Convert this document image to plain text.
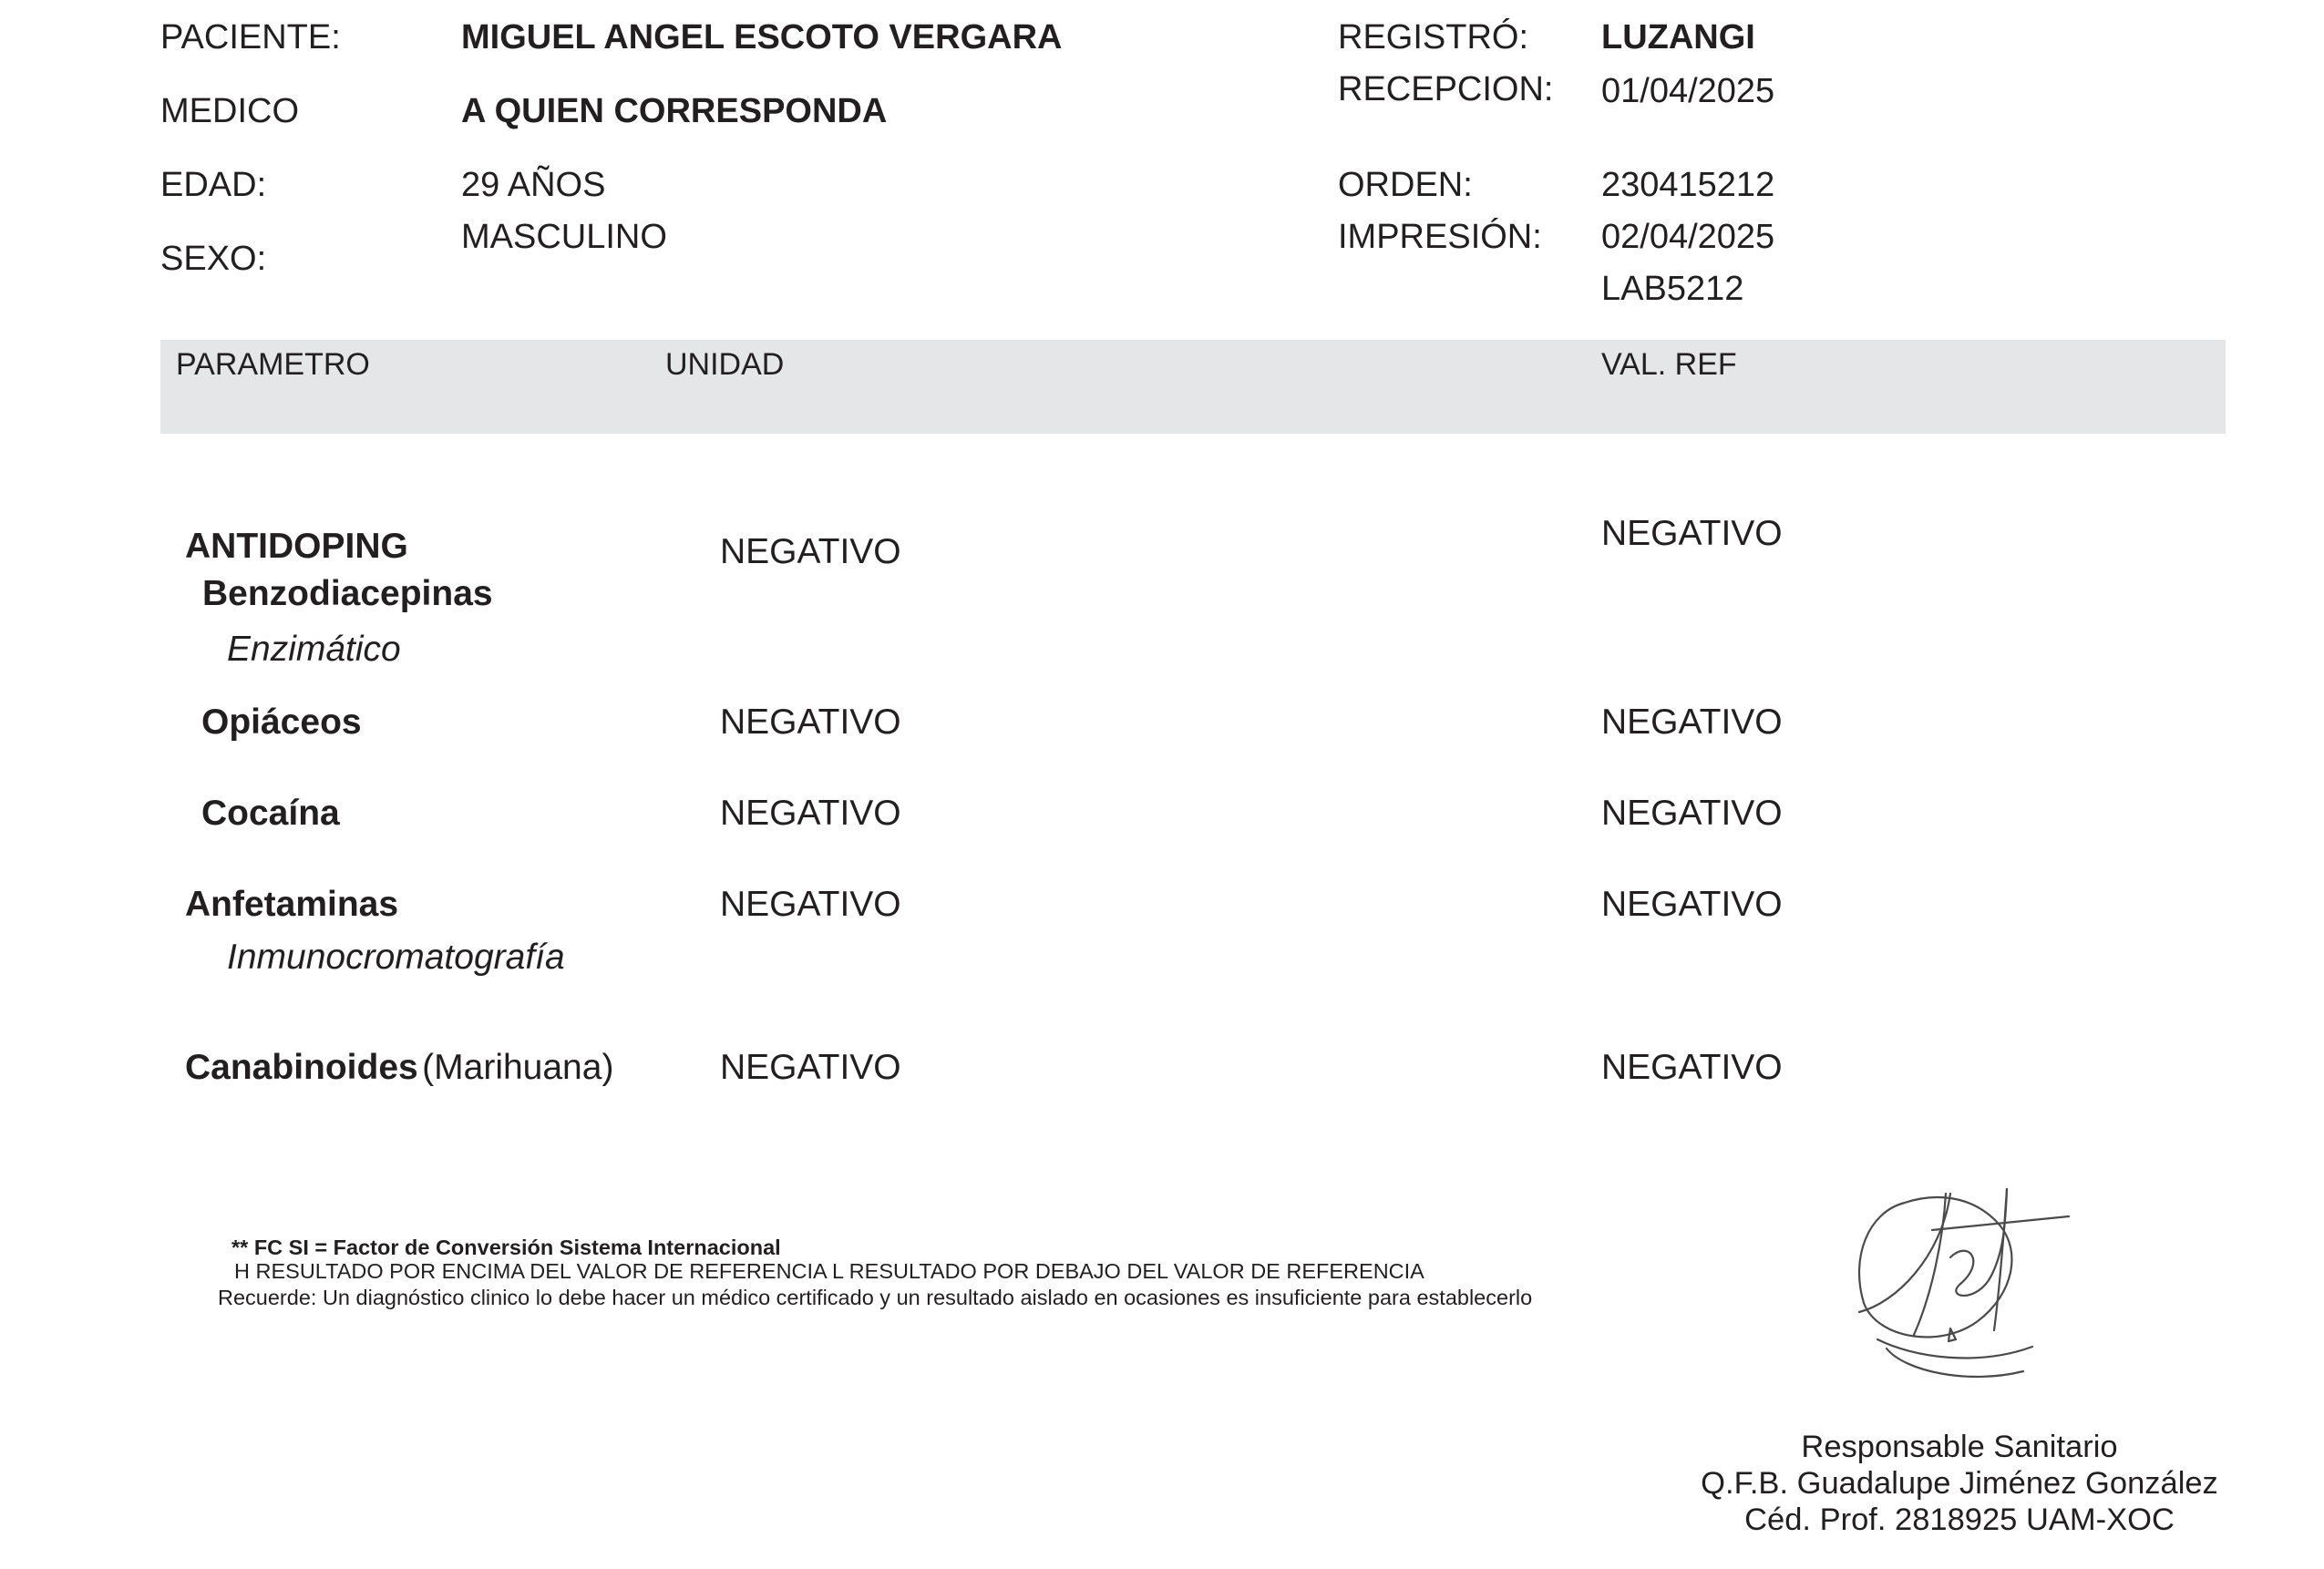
PACIENTE:	MIGUEL ANGEL ESCOTO VERGARA
MEDICO	A QUIEN CORRESPONDA
EDAD:	29 AÑOS
SEXO:
MASCULINO
REGISTRÓ: LUZANGI
RECEPCION: 01/04/2025
ORDEN:	230415212
IMPRESIÓN: 02/04/2025
LAB5212
PARAMETRO	UNIDAD	VAL. REF
ANTIDOPING
Benzodiacepinas
Enzimático
NEGATIVO	NEGATIVO
Opiáceos	NEGATIVO	NEGATIVO
Cocaína	NEGATIVO	NEGATIVO
Anfetaminas
Inmunocromatografía
NEGATIVO	NEGATIVO
Canabinoides (Marihuana)	NEGATIVO	NEGATIVO
** FC SI = Factor de Conversión Sistema Internacional
H RESULTADO POR ENCIMA DEL VALOR DE REFERENCIA L RESULTADO POR DEBAJO DEL VALOR DE REFERENCIA
Recuerde: Un diagnóstico clinico lo debe hacer un médico certificado y un resultado aislado en ocasiones es insuficiente para establecerlo
Responsable Sanitario
Q.F.B. Guadalupe Jiménez González
Céd. Prof. 2818925 UAM-XOC
